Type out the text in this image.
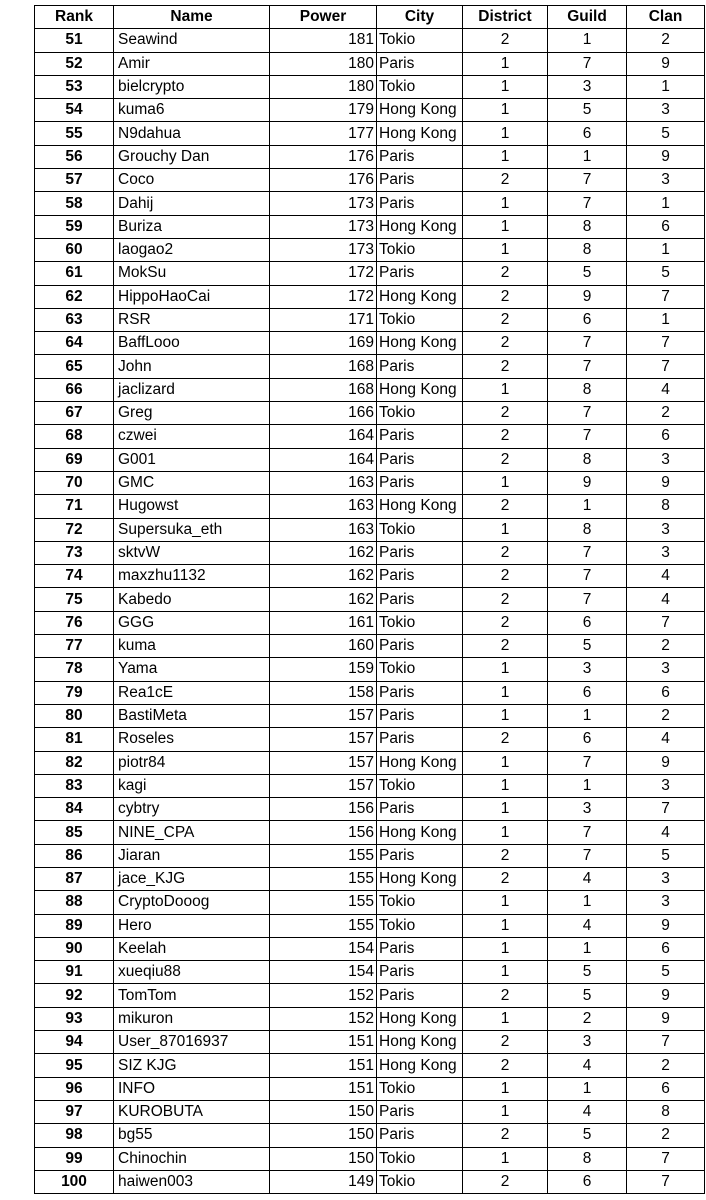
Rank	Name	Power	City	District	Guild	Clan
51	Seawind	181	Tokio	2	1	2
52	Amir	180	Paris	1	7	9
53	bielcrypto	180	Tokio	1	3	1
54	kuma6	179	Hong Kong	1	5	3
55	N9dahua	177	Hong Kong	1	6	5
56	Grouchy Dan	176	Paris	1	1	9
57	Coco	176	Paris	2	7	3
58	Dahij	173	Paris	1	7	1
59	Buriza	173	Hong Kong	1	8	6
60	laogao2	173	Tokio	1	8	1
61	MokSu	172	Paris	2	5	5
62	HippoHaoCai	172	Hong Kong	2	9	7
63	RSR	171	Tokio	2	6	1
64	BaffLooo	169	Hong Kong	2	7	7
65	John	168	Paris	2	7	7
66	jaclizard	168	Hong Kong	1	8	4
67	Greg	166	Tokio	2	7	2
68	czwei	164	Paris	2	7	6
69	G001	164	Paris	2	8	3
70	GMC	163	Paris	1	9	9
71	Hugowst	163	Hong Kong	2	1	8
72	Supersuka_eth	163	Tokio	1	8	3
73	sktvW	162	Paris	2	7	3
74	maxzhu1132	162	Paris	2	7	4
75	Kabedo	162	Paris	2	7	4
76	GGG	161	Tokio	2	6	7
77	kuma	160	Paris	2	5	2
78	Yama	159	Tokio	1	3	3
79	Rea1cE	158	Paris	1	6	6
80	BastiMeta	157	Paris	1	1	2
81	Roseles	157	Paris	2	6	4
82	piotr84	157	Hong Kong	1	7	9
83	kagi	157	Tokio	1	1	3
84	cybtry	156	Paris	1	3	7
85	NINE_CPA	156	Hong Kong	1	7	4
86	Jiaran	155	Paris	2	7	5
87	jace_KJG	155	Hong Kong	2	4	3
88	CryptoDooog	155	Tokio	1	1	3
89	Hero	155	Tokio	1	4	9
90	Keelah	154	Paris	1	1	6
91	xueqiu88	154	Paris	1	5	5
92	TomTom	152	Paris	2	5	9
93	mikuron	152	Hong Kong	1	2	9
94	User_87016937	151	Hong Kong	2	3	7
95	SIZ KJG	151	Hong Kong	2	4	2
96	INFO	151	Tokio	1	1	6
97	KUROBUTA	150	Paris	1	4	8
98	bg55	150	Paris	2	5	2
99	Chinochin	150	Tokio	1	8	7
100	haiwen003	149	Tokio	2	6	7
